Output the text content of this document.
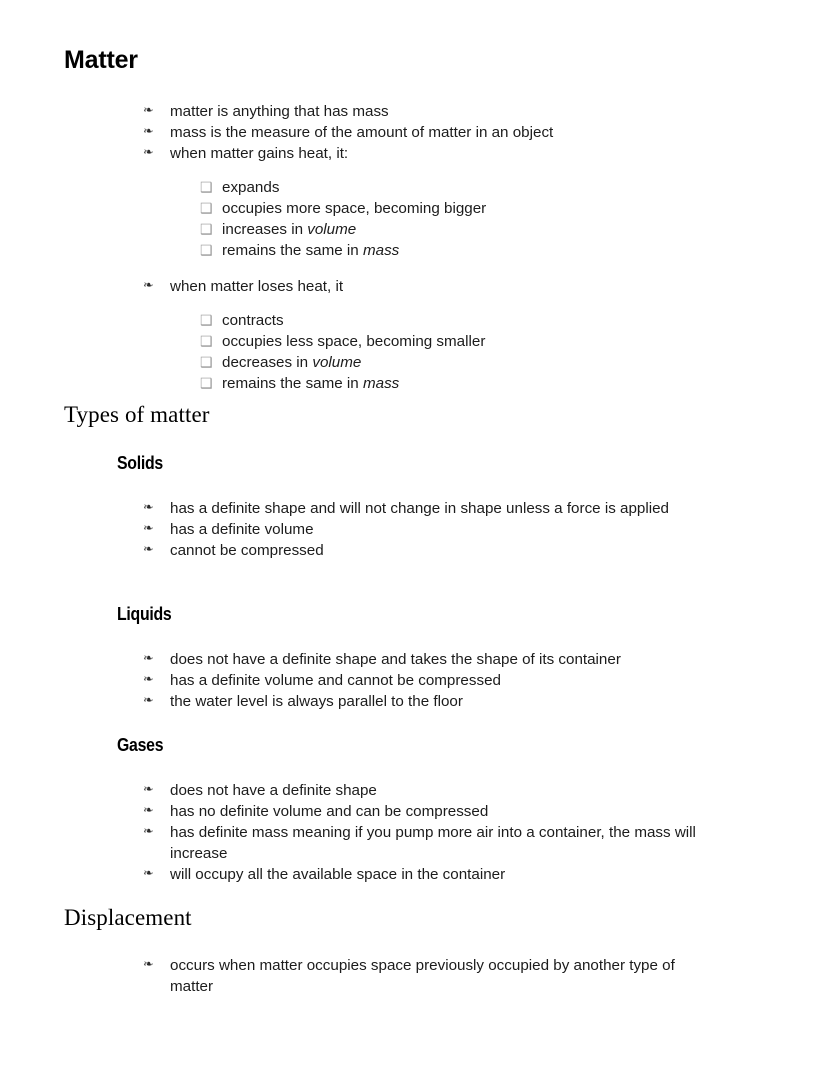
Matter
❧	matter is anything that has mass
❧	mass is the measure of the amount of matter in an object
❧	when matter gains heat, it:
❑ expands
❑ occupies more space, becoming bigger
❑ increases in volume
❑ remains the same in mass
❧	when matter loses heat, it
❑ contracts
❑ occupies less space, becoming smaller
❑ decreases in volume
❑ remains the same in mass
Types of matter
Solids
❧	has a definite shape and will not change in shape unless a force is applied
❧	has a definite volume
❧	cannot be compressed
Liquids
❧	does not have a definite shape and takes the shape of its container
❧	has a definite volume and cannot be compressed
❧	the water level is always parallel to the floor
Gases
❧	does not have a definite shape
❧	has no definite volume and can be compressed
❧	has definite mass meaning if you pump more air into a container, the mass will increase
❧	will occupy all the available space in the container
Displacement
❧	occurs when matter occupies space previously occupied by another type of matter
